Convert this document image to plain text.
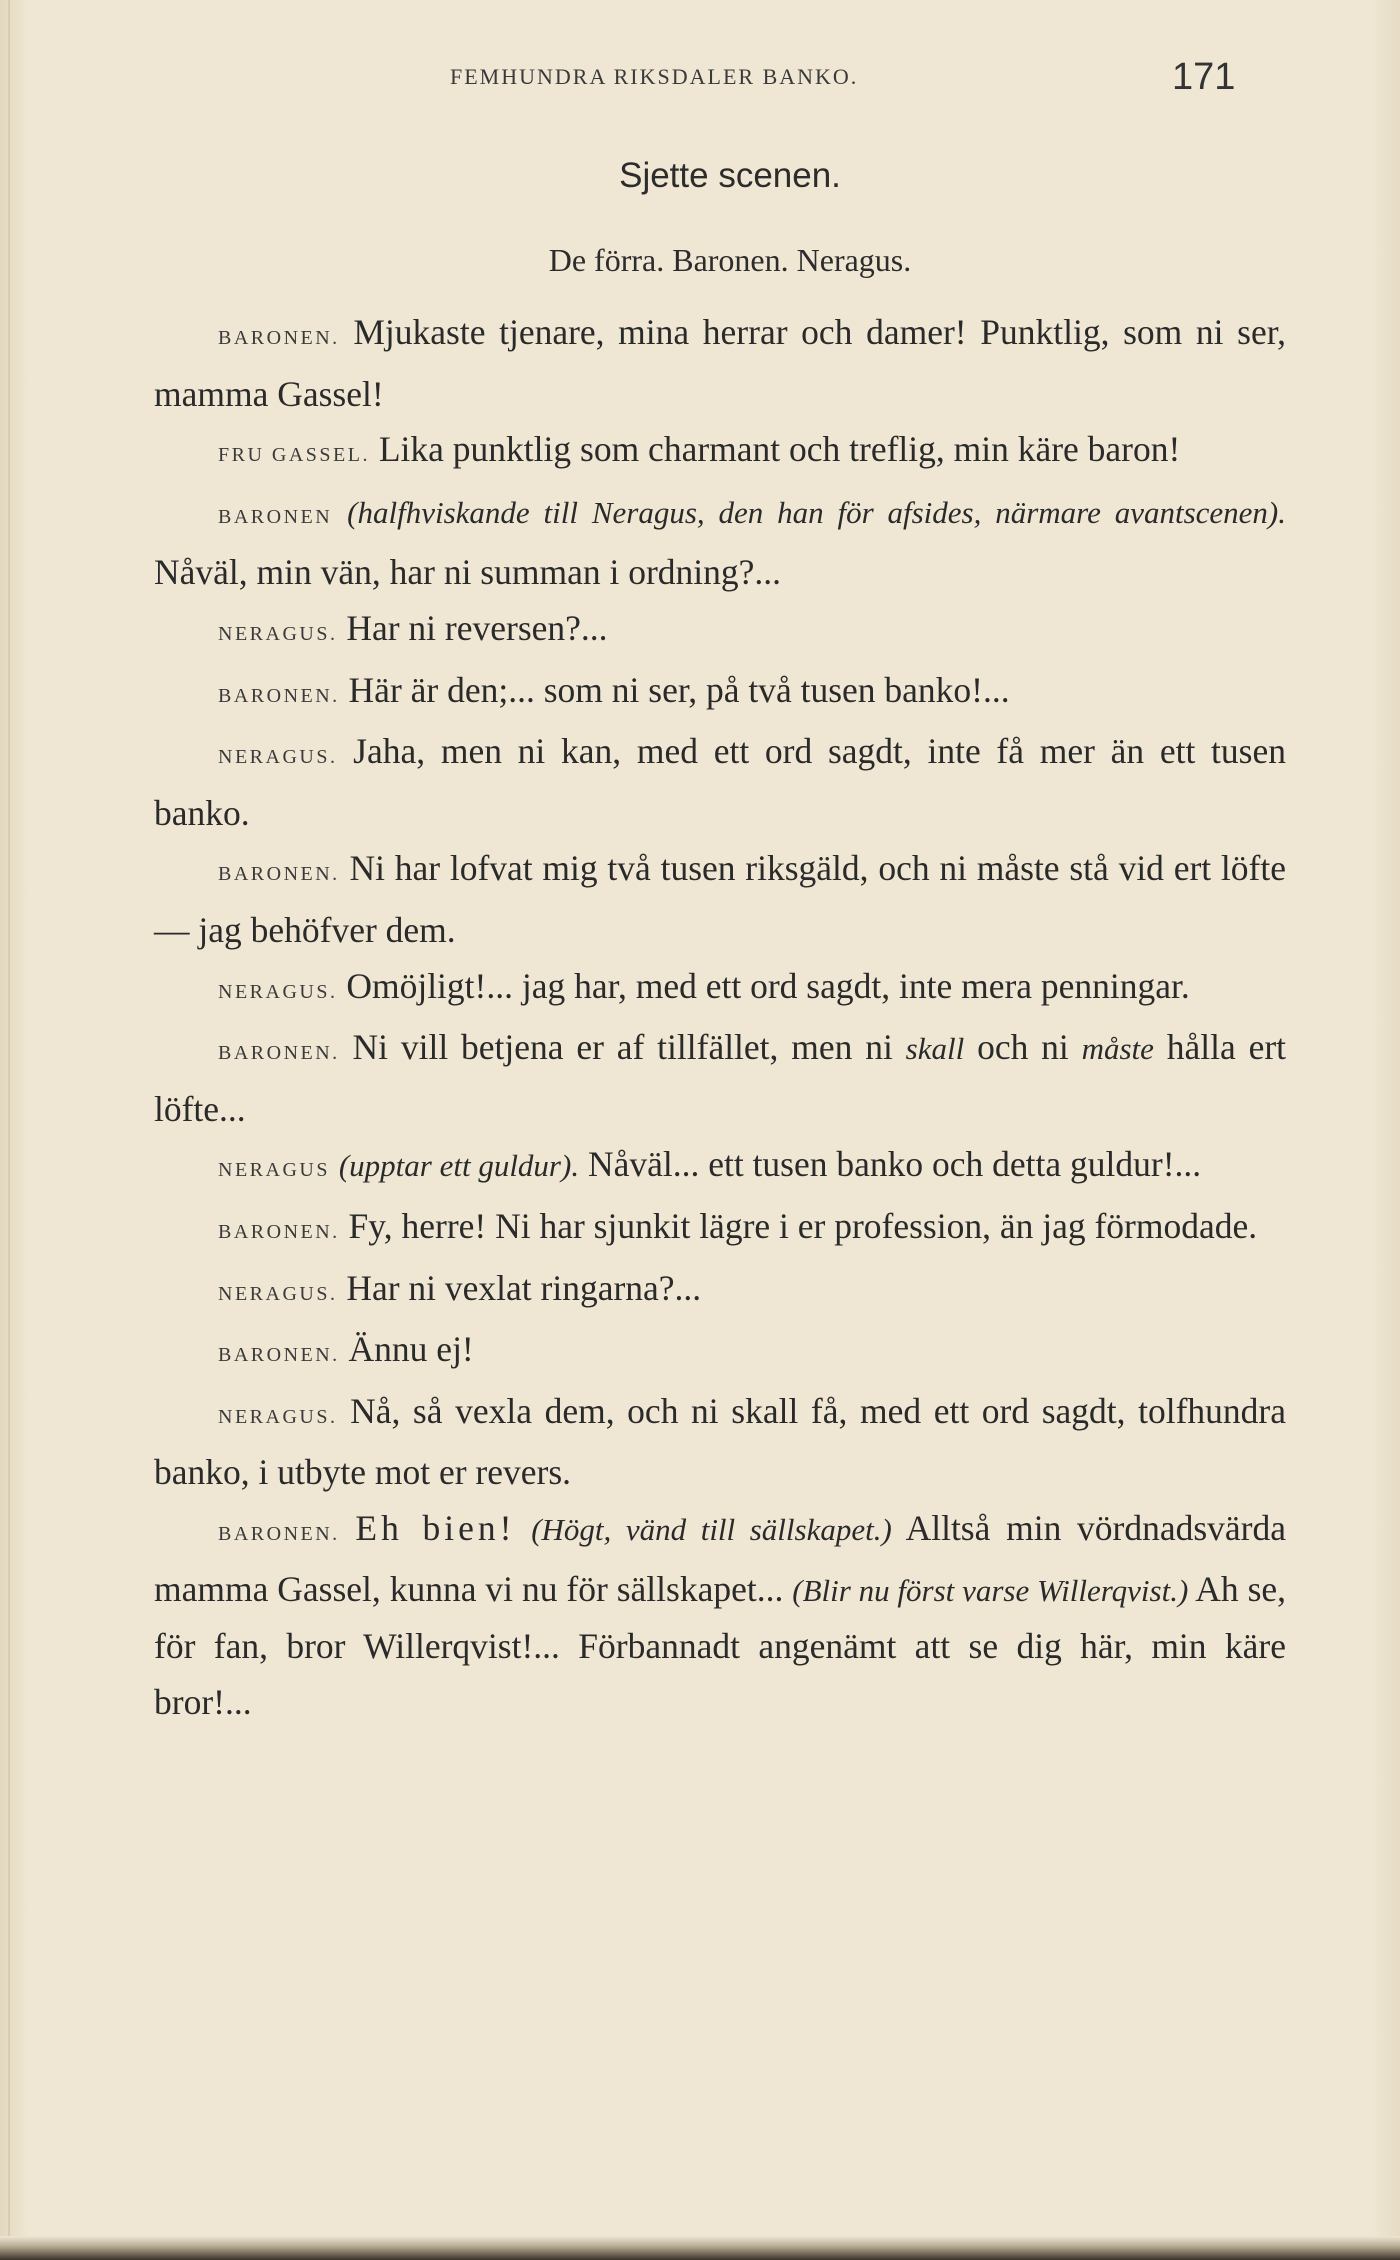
FEMHUNDRA RIKSDALER BANKO.	171
Sjette scenen.
De förra. Baronen. Neragus.

BARONEN. Mjukaste tjenare, mina herrar och damer! Punktlig, som ni ser, mamma Gassel!

FRU GASSEL. Lika punktlig som charmant och treflig, min käre baron!

BARONEN (halfhviskande till Neragus, den han för afsides, närmare avantscenen). Nåväl, min vän, har ni summan i ordning?...

NERAGUS. Har ni reversen?...

BARONEN. Här är den;... som ni ser, på två tusen banko!...

NERAGUS. Jaha, men ni kan, med ett ord sagdt, inte få mer än ett tusen banko.

BARONEN. Ni har lofvat mig två tusen riksgäld, och ni måste stå vid ert löfte — jag behöfver dem.

NERAGUS. Omöjligt!... jag har, med ett ord sagdt, inte mera penningar.

BARONEN. Ni vill betjena er af tillfället, men ni skall och ni måste hålla ert löfte...

NERAGUS (upptar ett guldur). Nåväl... ett tusen banko och detta guldur!...

BARONEN. Fy, herre! Ni har sjunkit lägre i er profession, än jag förmodade.

NERAGUS. Har ni vexlat ringarna?...

BARONEN. Ännu ej!

NERAGUS. Nå, så vexla dem, och ni skall få, med ett ord sagdt, tolfhundra banko, i utbyte mot er revers.

BARONEN. Eh bien! (Högt, vänd till sällskapet.) Alltså min vördnadsvärda mamma Gassel, kunna vi nu för sällskapet... (Blir nu först varse Willerqvist.) Ah se, för fan, bror Willerqvist!... Förbannadt angenämt att se dig här, min käre bror!...
